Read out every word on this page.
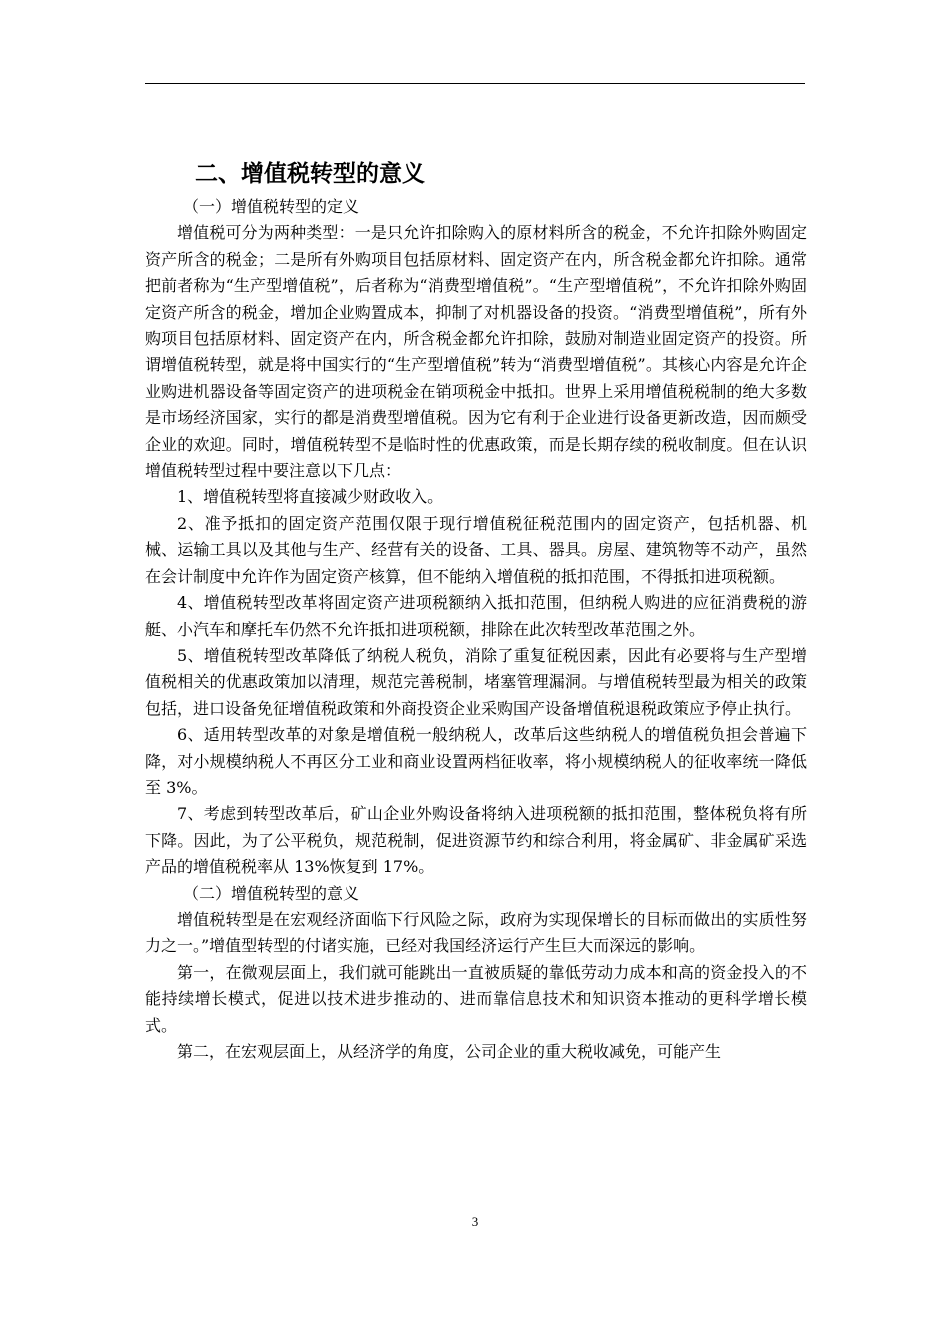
二、增值税转型的意义

（一）增值税转型的定义

增值税可分为两种类型：一是只允许扣除购入的原材料所含的税金，不允许扣除外购固定资产所含的税金；二是所有外购项目包括原材料、固定资产在内，所含税金都允许扣除。通常把前者称为“生产型增值税”，后者称为“消费型增值税”。“生产型增值税”，不允许扣除外购固定资产所含的税金，增加企业购置成本，抑制了对机器设备的投资。“消费型增值税”，所有外购项目包括原材料、固定资产在内，所含税金都允许扣除，鼓励对制造业固定资产的投资。所谓增值税转型，就是将中国实行的“生产型增值税”转为“消费型增值税”。其核心内容是允许企业购进机器设备等固定资产的进项税金在销项税金中抵扣。世界上采用增值税税制的绝大多数是市场经济国家，实行的都是消费型增值税。因为它有利于企业进行设备更新改造，因而颇受企业的欢迎。同时，增值税转型不是临时性的优惠政策，而是长期存续的税收制度。但在认识增值税转型过程中要注意以下几点：

1、增值税转型将直接减少财政收入。

2、准予抵扣的固定资产范围仅限于现行增值税征税范围内的固定资产，包括机器、机械、运输工具以及其他与生产、经营有关的设备、工具、器具。房屋、建筑物等不动产，虽然在会计制度中允许作为固定资产核算，但不能纳入增值税的抵扣范围，不得抵扣进项税额。

4、增值税转型改革将固定资产进项税额纳入抵扣范围，但纳税人购进的应征消费税的游艇、小汽车和摩托车仍然不允许抵扣进项税额，排除在此次转型改革范围之外。

5、增值税转型改革降低了纳税人税负，消除了重复征税因素，因此有必要将与生产型增值税相关的优惠政策加以清理，规范完善税制，堵塞管理漏洞。与增值税转型最为相关的政策包括，进口设备免征增值税政策和外商投资企业采购国产设备增值税退税政策应予停止执行。

6、适用转型改革的对象是增值税一般纳税人，改革后这些纳税人的增值税负担会普遍下降，对小规模纳税人不再区分工业和商业设置两档征收率，将小规模纳税人的征收率统一降低至 3%。

7、考虑到转型改革后，矿山企业外购设备将纳入进项税额的抵扣范围，整体税负将有所下降。因此，为了公平税负，规范税制，促进资源节约和综合利用，将金属矿、非金属矿采选产品的增值税税率从 13%恢复到 17%。

（二）增值税转型的意义

增值税转型是在宏观经济面临下行风险之际，政府为实现保增长的目标而做出的实质性努力之一。”增值型转型的付诸实施，已经对我国经济运行产生巨大而深远的影响。

第一，在微观层面上，我们就可能跳出一直被质疑的靠低劳动力成本和高的资金投入的不能持续增长模式，促进以技术进步推动的、进而靠信息技术和知识资本推动的更科学增长模式。

第二，在宏观层面上，从经济学的角度，公司企业的重大税收减免，可能产生

3
